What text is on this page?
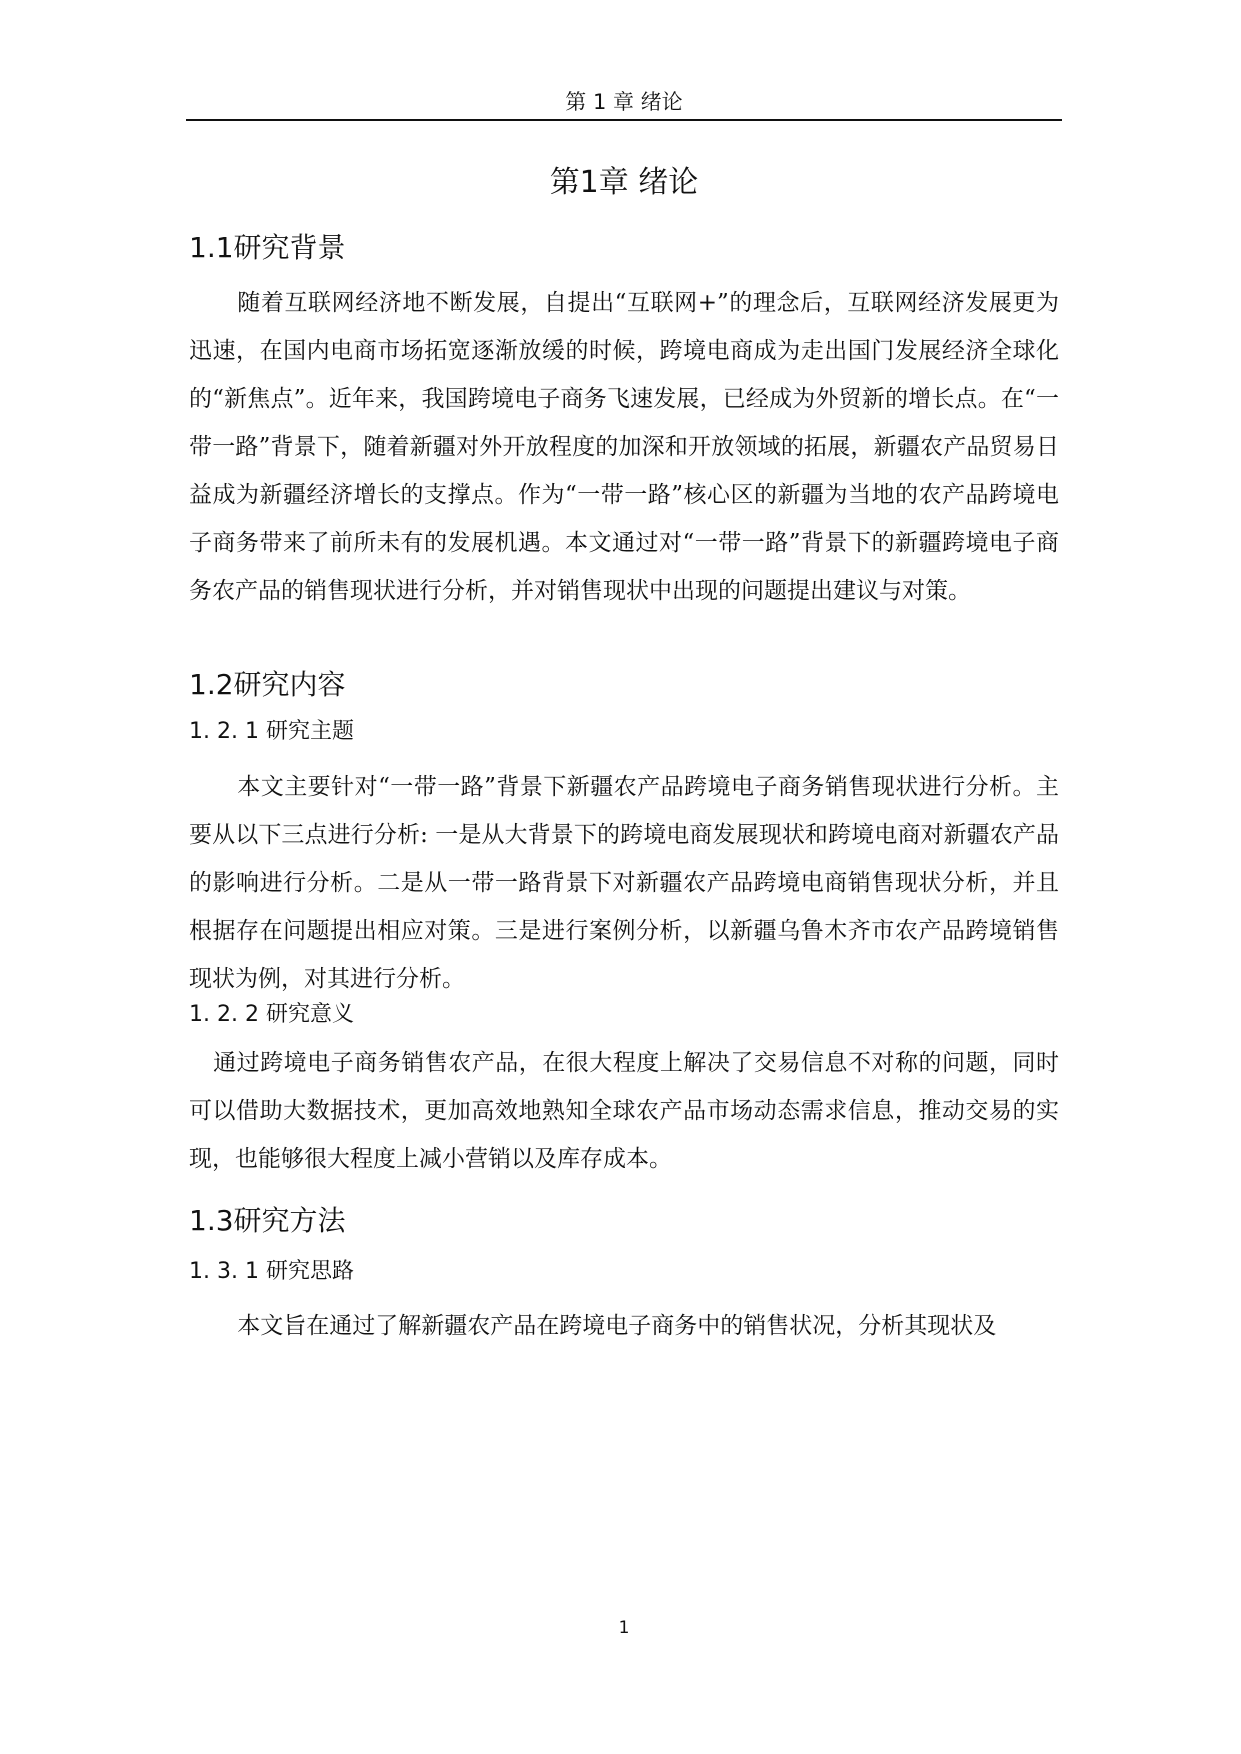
第 1 章 绪论
第1章 绪论
1.1研究背景

随着互联网经济地不断发展，自提出“互联网+”的理念后，互联网经济发展更为迅速，在国内电商市场拓宽逐渐放缓的时候，跨境电商成为走出国门发展经济全球化的“新焦点”。近年来，我国跨境电子商务飞速发展，已经成为外贸新的增长点。在“一带一路”背景下，随着新疆对外开放程度的加深和开放领域的拓展，新疆农产品贸易日益成为新疆经济增长的支撑点。作为“一带一路”核心区的新疆为当地的农产品跨境电子商务带来了前所未有的发展机遇。本文通过对“一带一路”背景下的新疆跨境电子商务农产品的销售现状进行分析，并对销售现状中出现的问题提出建议与对策。

1.2研究内容
1. 2. 1 研究主题

本文主要针对“一带一路”背景下新疆农产品跨境电子商务销售现状进行分析。主要从以下三点进行分析: 一是从大背景下的跨境电商发展现状和跨境电商对新疆农产品的影响进行分析。二是从一带一路背景下对新疆农产品跨境电商销售现状分析，并且根据存在问题提出相应对策。三是进行案例分析，以新疆乌鲁木齐市农产品跨境销售现状为例，对其进行分析。

1. 2. 2 研究意义

通过跨境电子商务销售农产品，在很大程度上解决了交易信息不对称的问题，同时可以借助大数据技术，更加高效地熟知全球农产品市场动态需求信息，推动交易的实现，也能够很大程度上减小营销以及库存成本。

1.3研究方法
1. 3. 1 研究思路

本文旨在通过了解新疆农产品在跨境电子商务中的销售状况，分析其现状及

1
